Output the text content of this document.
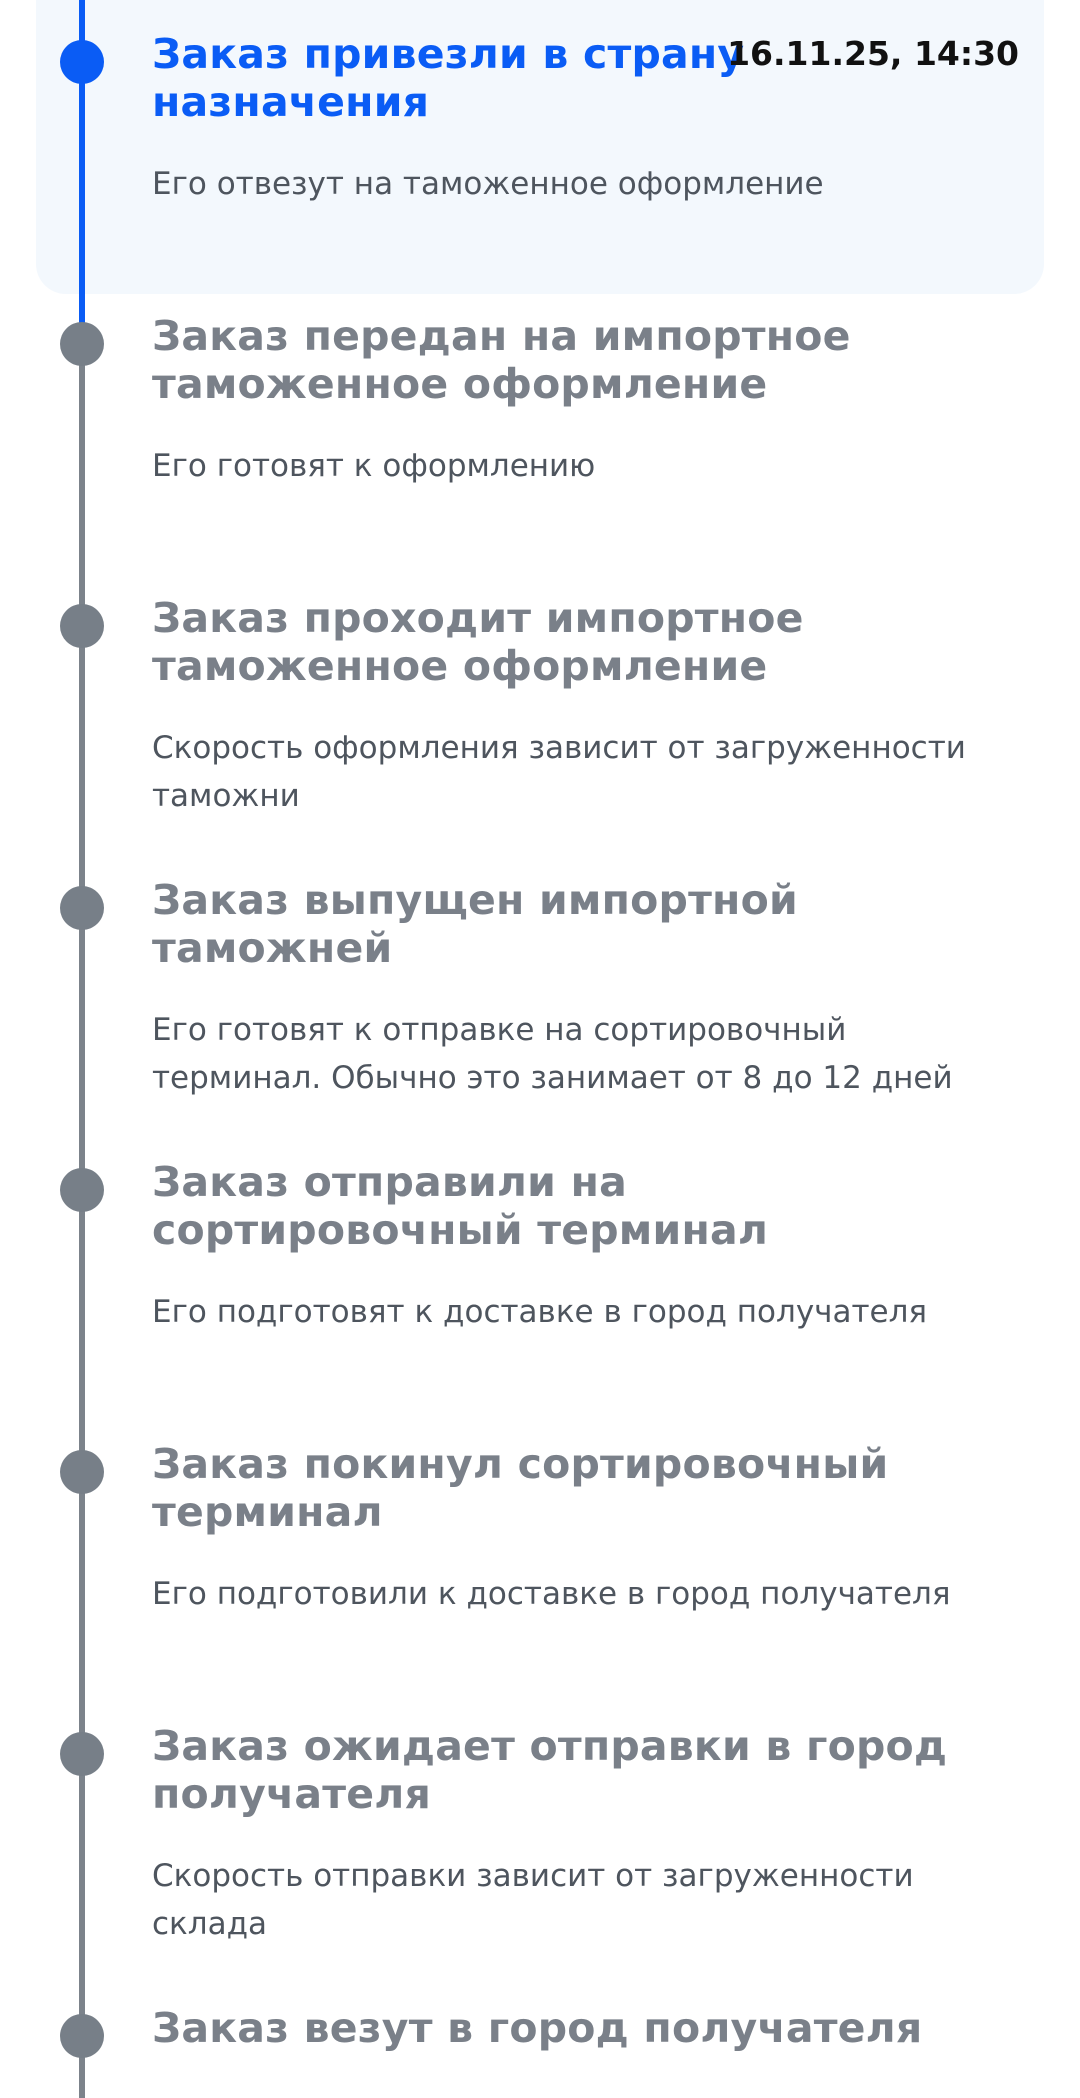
Заказ привезли в страну назначения

16.11.25, 14:30

Его отвезут на таможенное оформление

Заказ передан на импортное таможенное оформление

Его готовят к оформлению

Заказ проходит импортное таможенное оформление

Скорость оформления зависит от загруженности таможни

Заказ выпущен импортной таможней

Его готовят к отправке на сортировочный терминал. Обычно это занимает от 8 до 12 дней

Заказ отправили на сортировочный терминал

Его подготовят к доставке в город получателя

Заказ покинул сортировочный терминал

Его подготовили к доставке в город получателя

Заказ ожидает отправки в город получателя

Скорость отправки зависит от загруженности склада

Заказ везут в город получателя
